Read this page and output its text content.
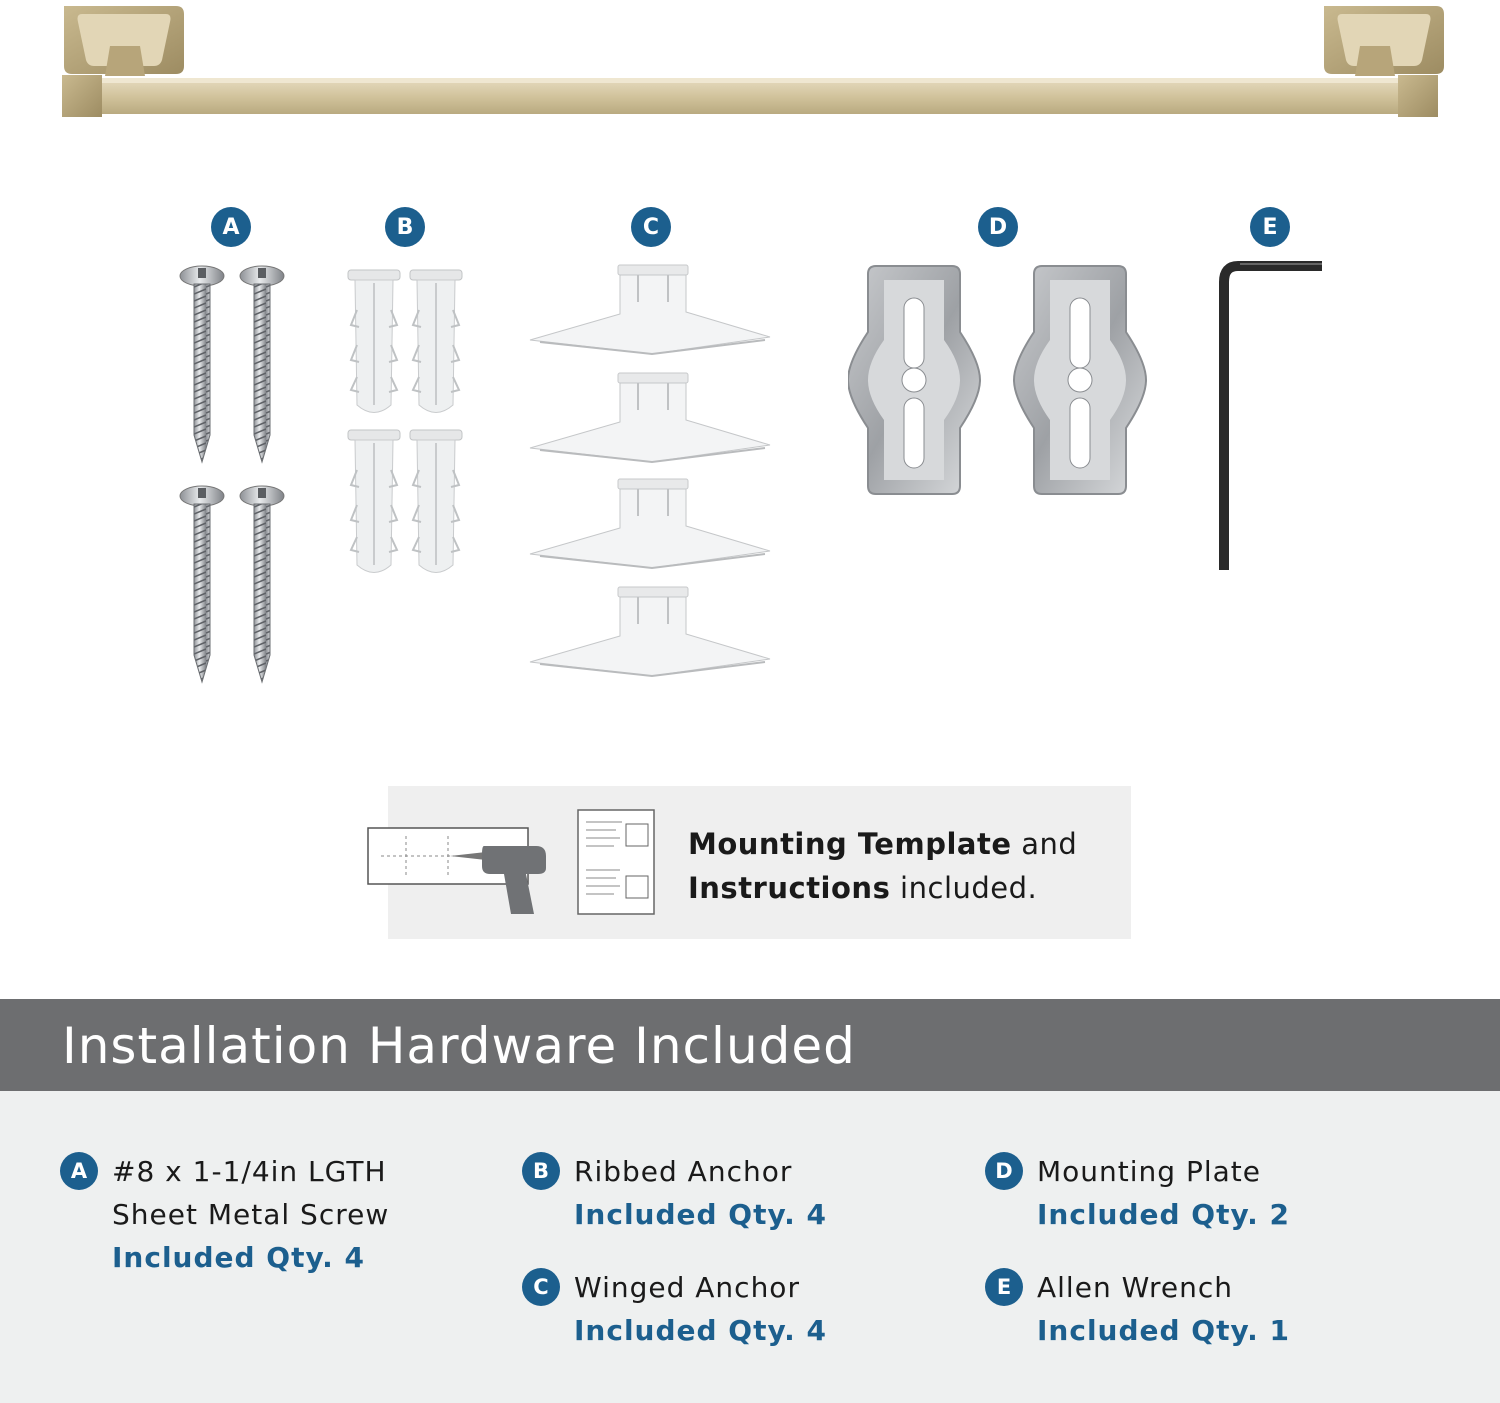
A	B	C	D	E
Mounting Template and
Instructions included.
Installation Hardware Included
A #8 x 1-1/4in LGTH
Sheet Metal Screw
Included Qty. 4
B Ribbed Anchor
Included Qty. 4
C Winged Anchor
Included Qty. 4
D Mounting Plate
Included Qty. 2
E Allen Wrench
Included Qty. 1
